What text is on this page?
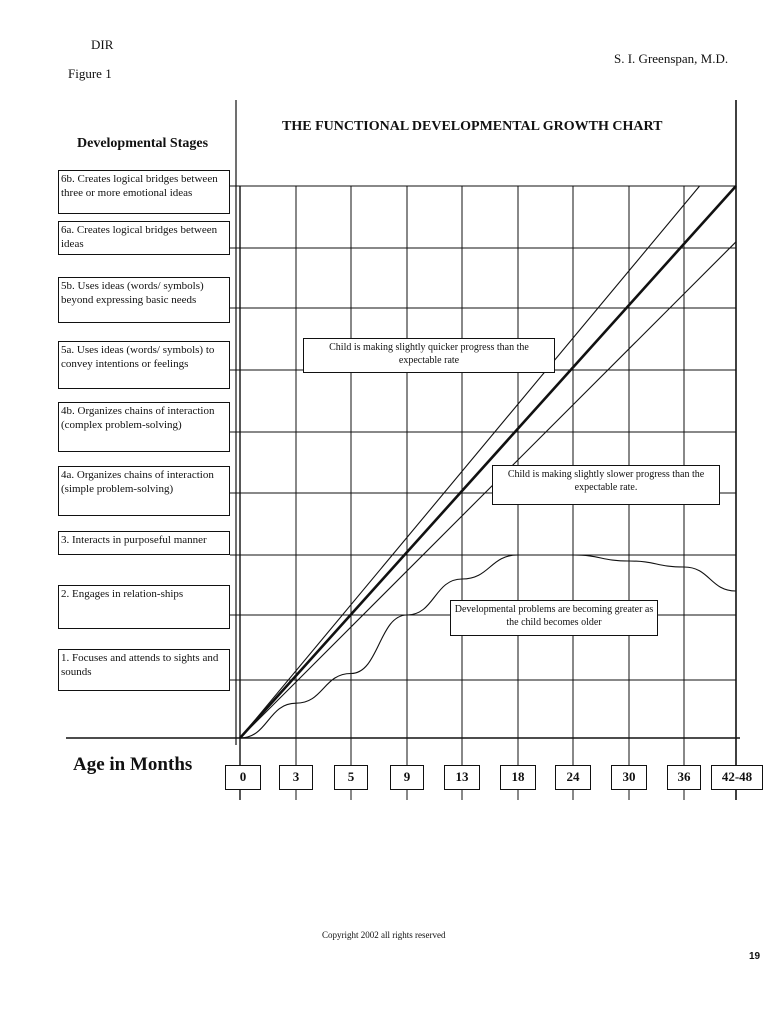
DIR
Figure 1
S. I. Greenspan, M.D.
THE FUNCTIONAL DEVELOPMENTAL GROWTH CHART
Developmental Stages
1. Focuses and attends to sights and sounds
2. Engages in relation-ships
3. Interacts in purposeful manner
4a. Organizes chains of interaction (simple problem-solving)
4b. Organizes chains of interaction (complex problem-solving)
5a. Uses ideas (words/ symbols) to convey intentions or feelings
5b. Uses ideas (words/ symbols) beyond expressing basic needs
6a. Creates logical bridges between ideas
6b. Creates logical bridges between three or more emotional ideas
Child is making slightly quicker progress than the expectable rate
Child is making slightly slower progress than the expectable rate.
Developmental problems are becoming greater as the child becomes older
Age in Months
0	3	5	9	13	18	24	30	36	42-48
Copyright 2002 all rights reserved
19
